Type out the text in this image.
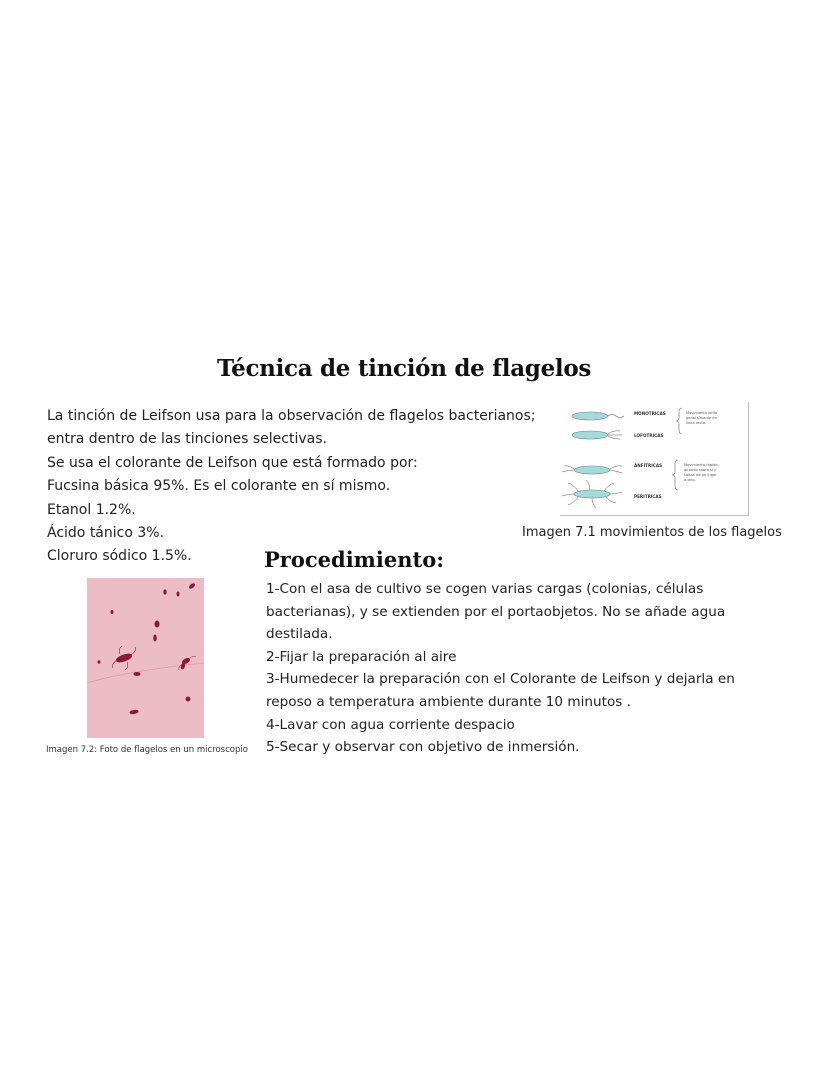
Técnica de tinción de flagelos
La tinción de Leifson usa para la observación de flagelos bacterianos;
entra dentro de las tinciones selectivas.
Se usa el colorante de Leifson que está formado por:
Fucsina básica 95%. Es el colorante en sí mismo.
Etanol 1.2%.
Ácido tánico 3%.
Cloruro sódico 1.5%.
MONOTRICAS
LOFOTRICAS
Movimiento lento
generalmente en
línea recta.
ANFITRICAS
PERITRICAS
Movimiento rápido
girando sobre sí y
saltan de un lugar
a otro.
Imagen 7.1 movimientos de los flagelos
Imagen 7.2: Foto de flagelos en un microscopio
Procedimiento:
1-Con el asa de cultivo se cogen varias cargas (colonias, células
bacterianas), y se extienden por el portaobjetos. No se añade agua
destilada.
2-Fijar la preparación al aire
3-Humedecer la preparación con el Colorante de Leifson y dejarla en
reposo a temperatura ambiente durante 10 minutos .
4-Lavar con agua corriente despacio
5-Secar y observar con objetivo de inmersión.
